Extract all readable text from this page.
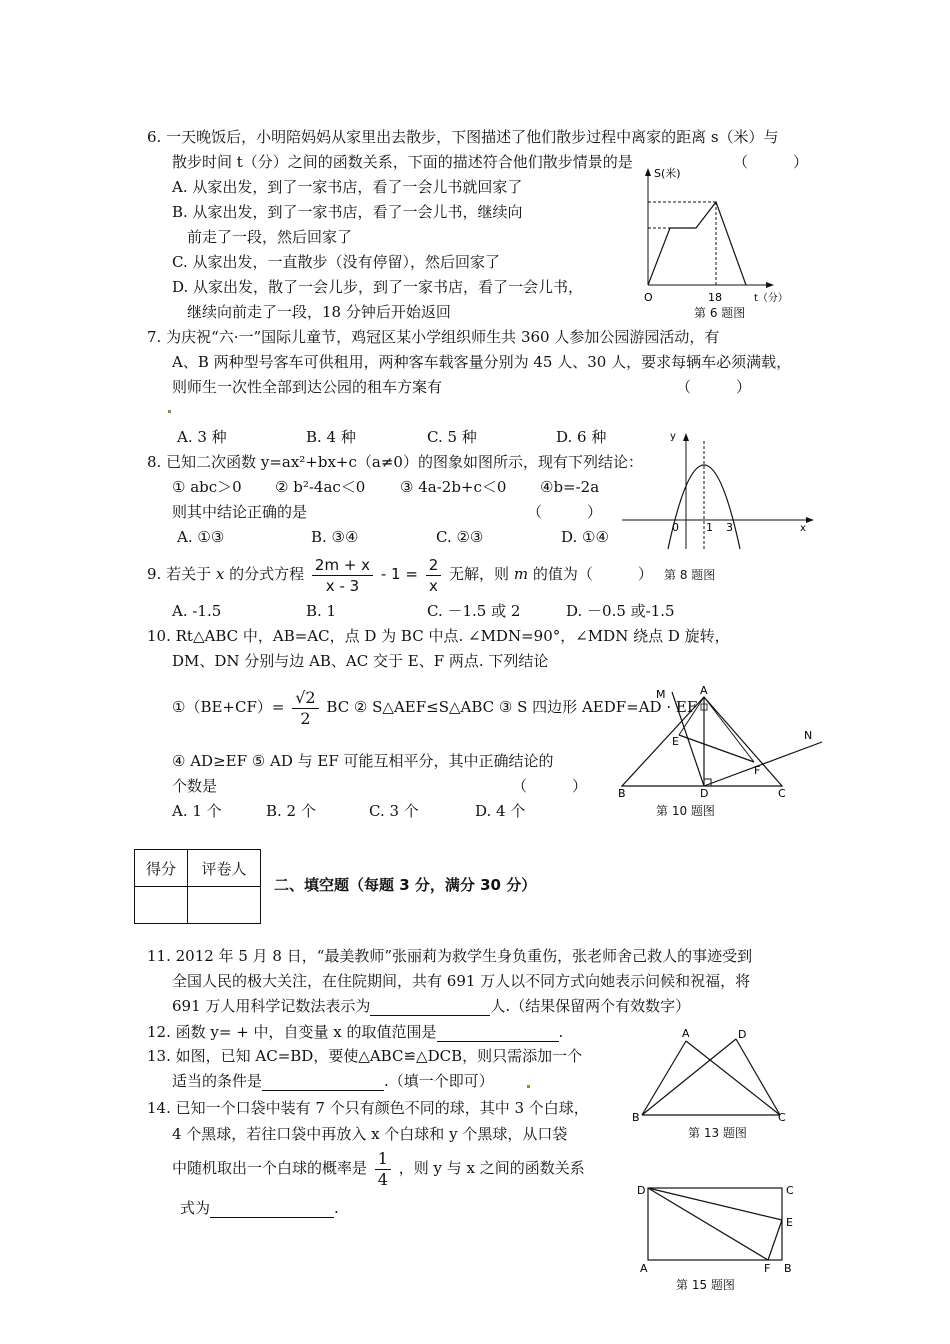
6. 一天晚饭后，小明陪妈妈从家里出去散步，下图描述了他们散步过程中离家的距离 s（米）与
散步时间 t（分）之间的函数关系，下面的描述符合他们散步情景的是	（　　　）
A. 从家出发，到了一家书店，看了一会儿书就回家了
B. 从家出发，到了一家书店，看了一会儿书，继续向
前走了一段，然后回家了
C. 从家出发，一直散步（没有停留），然后回家了
D. 从家出发，散了一会儿步，到了一家书店，看了一会儿书，
继续向前走了一段，18 分钟后开始返回
S(米)
O	18	t（分）
第 6 题图
7. 为庆祝“六·一”国际儿童节，鸡冠区某小学组织师生共 360 人参加公园游园活动，有
A、B 两种型号客车可供租用，两种客车载客量分别为 45 人、30 人，要求每辆车必须满载，
则师生一次性全部到达公园的租车方案有	（　　　）
A. 3 种	B. 4 种	C. 5 种	D. 6 种
8. 已知二次函数 y=ax²+bx+c（a≠0）的图象如图所示，现有下列结论：
① abc＞0 ② b²-4ac＜0 ③ 4a-2b+c＜0 ④b=-2a
则其中结论正确的是	（　　　）
A. ①③	B. ③④	C. ②③	D. ①④
y
x
0 1 3
9. 若关于 x 的分式方程 $\frac{2m + x}{x - 3} - 1 = \frac{2}{x}$ 无解，则 m 的值为（　　　） 第 8 题图
A. -1.5	B. 1	C. －1.5 或 2	D. －0.5 或-1.5
10. Rt△ABC 中，AB=AC，点 D 为 BC 中点. ∠MDN=90°，∠MDN 绕点 D 旋转，
DM、DN 分别与边 AB、AC 交于 E、F 两点. 下列结论
①（BE+CF）= $\frac{√2}{2}$ BC ② S△AEF≤S△ABC ③ S 四边形 AEDF=AD · EF
④ AD≥EF ⑤ AD 与 EF 可能互相平分，其中正确结论的
个数是	（　　　）
A. 1 个	B. 2 个	C. 3 个	D. 4 个
M	A
N
E
F
B	D	C
第 10 题图
得分	评卷人

二、填空题（每题 3 分，满分 30 分）
11. 2012 年 5 月 8 日，“最美教师”张丽莉为救学生身负重伤，张老师舍己救人的事迹受到
全国人民的极大关注，在住院期间，共有 691 万人以不同方式向她表示问候和祝福，将
691 万人用科学记数法表示为	人.（结果保留两个有效数字）
12. 函数 y= + 中，自变量 x 的取值范围是	.
13. 如图，已知 AC=BD，要使△ABC≌△DCB，则只需添加一个
适当的条件是	.（填一个即可）
A	D
B	C
第 13 题图
14. 已知一个口袋中装有 7 个只有颜色不同的球，其中 3 个白球，
4 个黑球，若往口袋中再放入 x 个白球和 y 个黑球，从口袋
中随机取出一个白球的概率是 $\frac{1}{4}$ ，则 y 与 x 之间的函数关系
式为	.
D	C
E
A	F B
第 15 题图
